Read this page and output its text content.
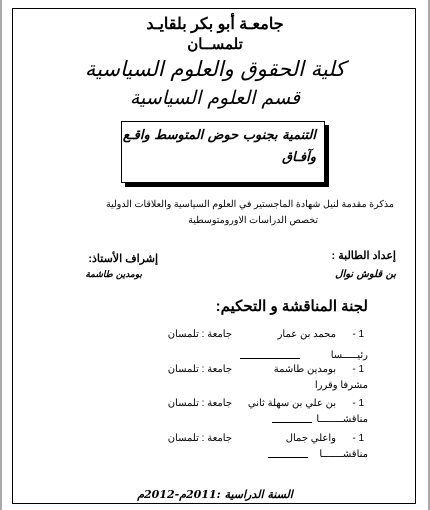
جامعـة أبو بكر بلقايـد
تلمســان
كلية الحقوق والعلوم السياسية
قسم العلوم السياسية
التنمية بجنوب حوض المتوسط واقـع
وآفـاق
مذكرة مقدمة لنيل شهادة الماجستير في العلوم السياسية والعلاقات الدولية
تخصص الدراسات الاورومتوسطية
إعداد الطالبة :
بن قلوش نوال
إشراف الأستاذ:
بومدين طاشمة
لجنة المناقشة و التحكيم:
1 -
محمد بن عمار
جامعة : تلمسان
رئيـــــسا
1 -
بومدين طاشمة
جامعة : تلمسان
مشرفا وقررا
1 -
بن علي بن سهلة ثاني
جامعة : تلمسان
مناقشــــــــا
1 -
واعلي جمال
جامعة : تلمسان
مناقشـــــــا
السنة الدراسية :2011م-2012م
